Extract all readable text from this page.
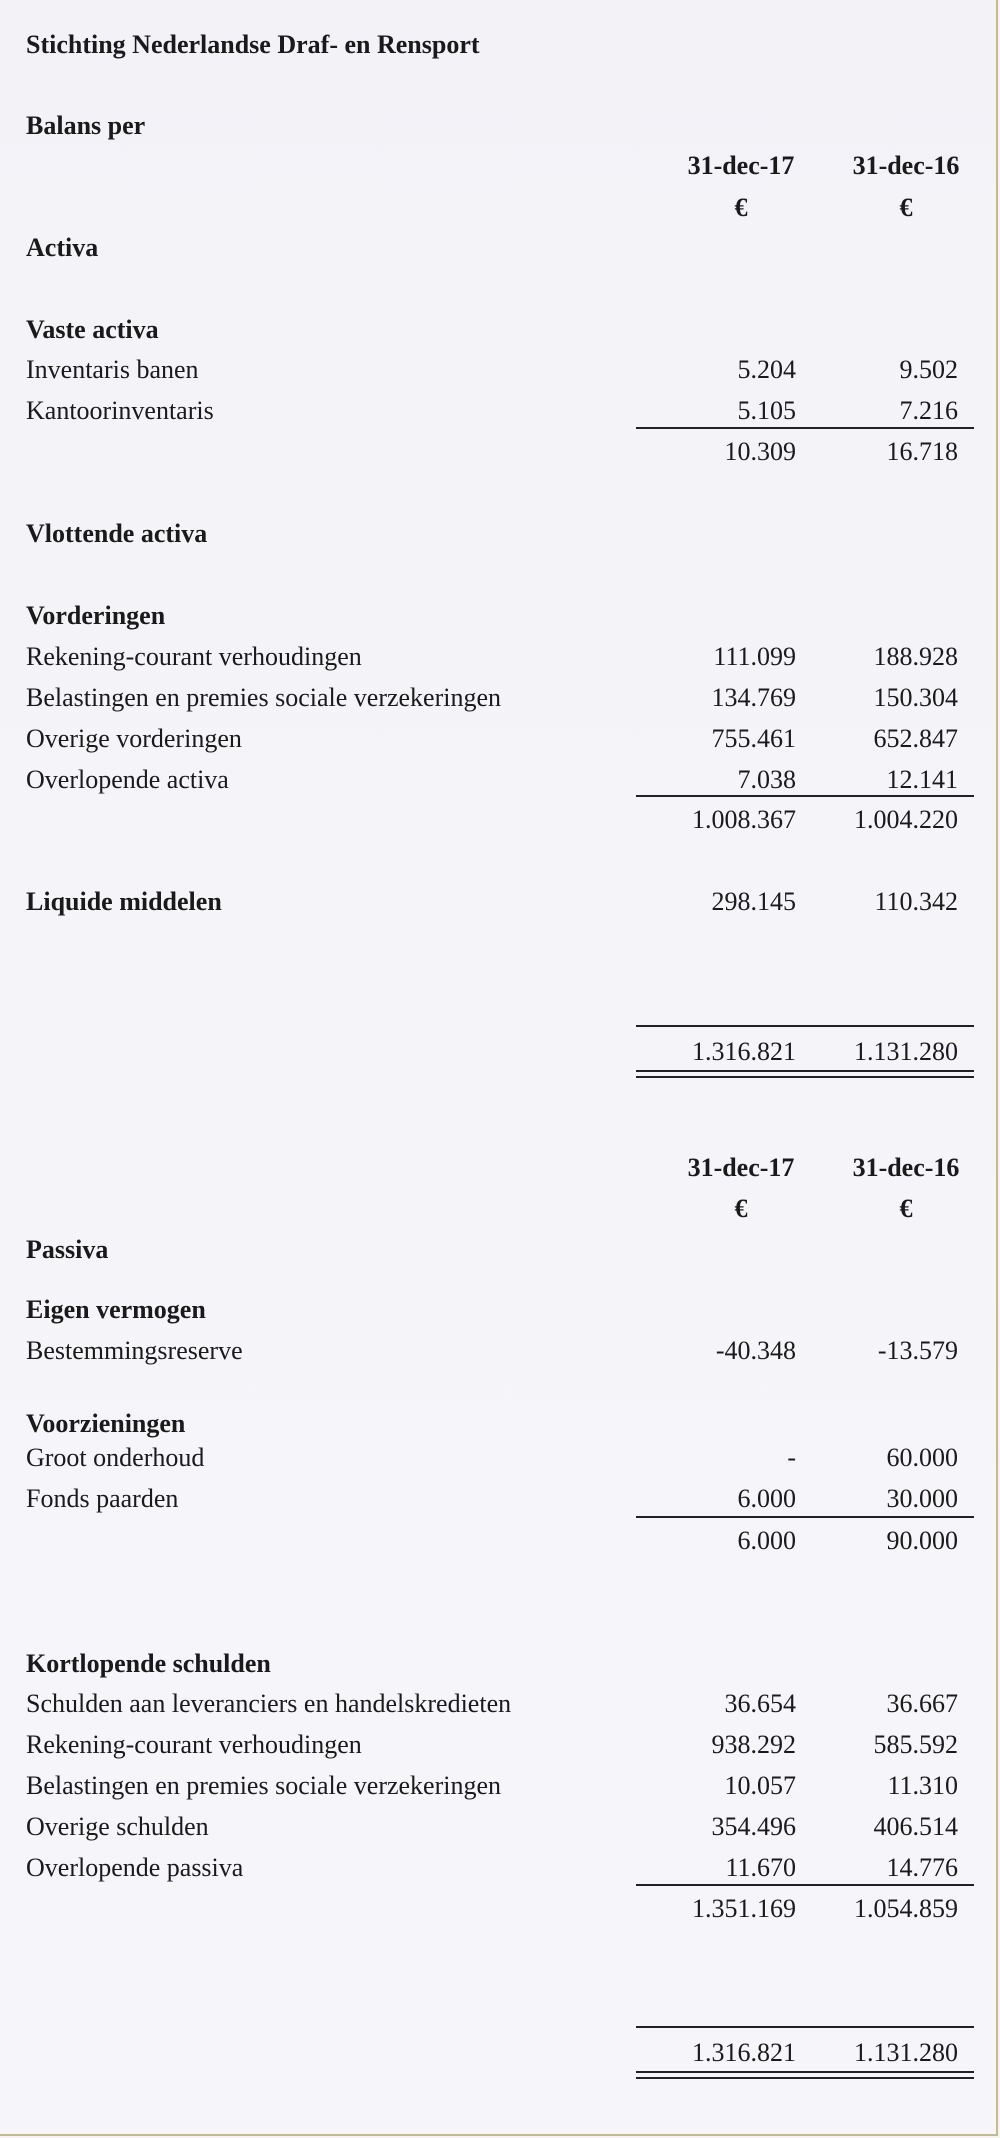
Stichting Nederlandse Draf- en Rensport
Balans per
31-dec-17	31-dec-16
€	€
Activa
Vaste activa
Inventaris banen	5.204	9.502
Kantoorinventaris	5.105	7.216
10.309	16.718
Vlottende activa
Vorderingen
Rekening-courant verhoudingen	111.099	188.928
Belastingen en premies sociale verzekeringen	134.769	150.304
Overige vorderingen	755.461	652.847
Overlopende activa	7.038	12.141
1.008.367	1.004.220
Liquide middelen	298.145	110.342
1.316.821	1.131.280
31-dec-17	31-dec-16
€	€
Passiva
Eigen vermogen
Bestemmingsreserve	-40.348	-13.579
Voorzieningen
Groot onderhoud	-	60.000
Fonds paarden	6.000	30.000
6.000	90.000
Kortlopende schulden
Schulden aan leveranciers en handelskredieten	36.654	36.667
Rekening-courant verhoudingen	938.292	585.592
Belastingen en premies sociale verzekeringen	10.057	11.310
Overige schulden	354.496	406.514
Overlopende passiva	11.670	14.776
1.351.169	1.054.859
1.316.821	1.131.280
